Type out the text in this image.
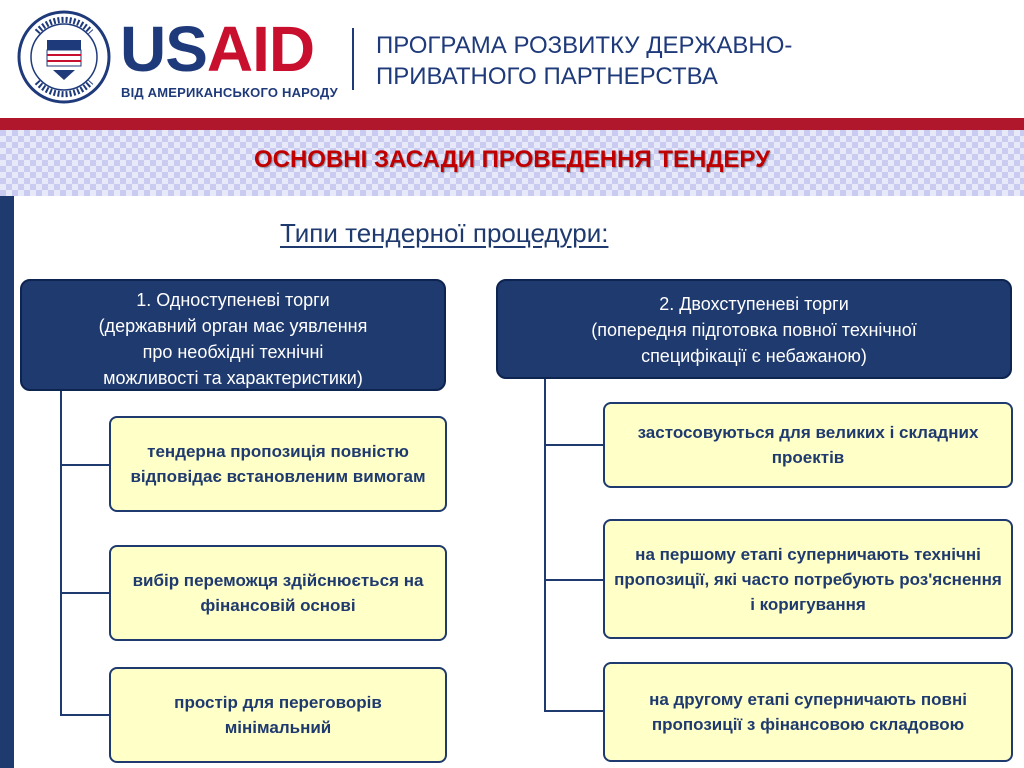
USAID
ВІД АМЕРИКАНСЬКОГО НАРОДУ
ПРОГРАМА РОЗВИТКУ ДЕРЖАВНО-
ПРИВАТНОГО ПАРТНЕРСТВА
ОСНОВНІ ЗАСАДИ ПРОВЕДЕННЯ ТЕНДЕРУ
Типи тендерної процедури:
1. Одноступеневі торги
(державний орган має уявлення
про необхідні технічні
можливості та характеристики)
тендерна пропозиція повністю відповідає встановленим вимогам
вибір переможця здійснюється на фінансовій основі
простір для переговорів мінімальний
2. Двохступеневі торги
(попередня підготовка повної технічної
специфікації є небажаною)
застосовуються для великих і складних проектів
на першому етапі суперничають технічні пропозиції, які часто потребують роз'яснення і коригування
на другому етапі суперничають повні пропозиції з фінансовою складовою
